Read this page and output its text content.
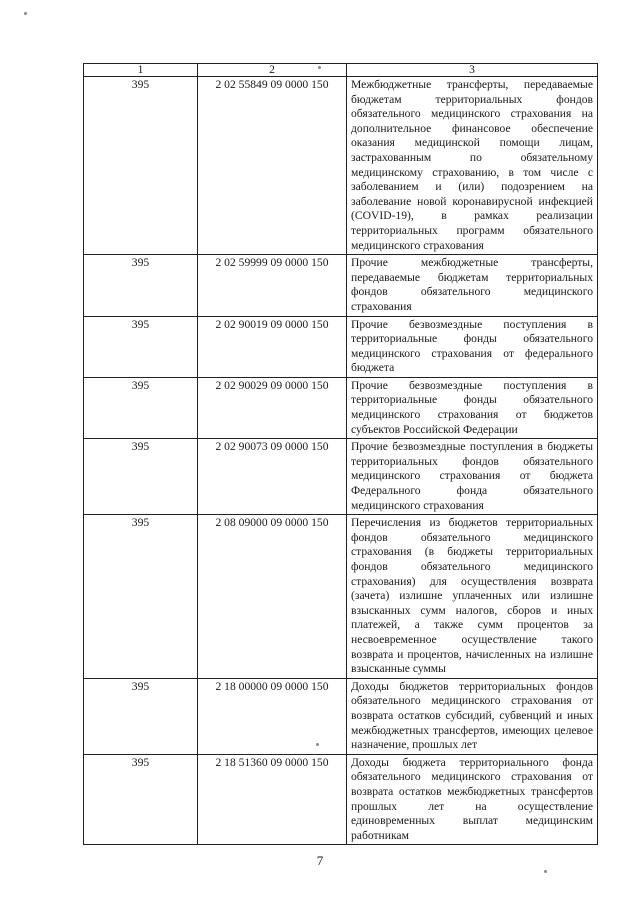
1	2	3
395	2 02 55849 09 0000 150	Межбюджетные трансферты, передаваемые бюджетам территориальных фондов обязательного медицинского страхования на дополнительное финансовое обеспечение оказания медицинской помощи лицам, застрахованным по обязательному медицинскому страхованию, в том числе с заболеванием и (или) подозрением на заболевание новой коронавирусной инфекцией (COVID-19), в рамках реализации территориальных программ обязательного медицинского страхования
395	2 02 59999 09 0000 150	Прочие межбюджетные трансферты, передаваемые бюджетам территориальных фондов обязательного медицинского страхования
395	2 02 90019 09 0000 150	Прочие безвозмездные поступления в территориальные фонды обязательного медицинского страхования от федерального бюджета
395	2 02 90029 09 0000 150	Прочие безвозмездные поступления в территориальные фонды обязательного медицинского страхования от бюджетов субъектов Российской Федерации
395	2 02 90073 09 0000 150	Прочие безвозмездные поступления в бюджеты территориальных фондов обязательного медицинского страхования от бюджета Федерального фонда обязательного медицинского страхования
395	2 08 09000 09 0000 150	Перечисления из бюджетов территориальных фондов обязательного медицинского страхования (в бюджеты территориальных фондов обязательного медицинского страхования) для осуществления возврата (зачета) излишне уплаченных или излишне взысканных сумм налогов, сборов и иных платежей, а также сумм процентов за несвоевременное осуществление такого возврата и процентов, начисленных на излишне взысканные суммы
395	2 18 00000 09 0000 150	Доходы бюджетов территориальных фондов обязательного медицинского страхования от возврата остатков субсидий, субвенций и иных межбюджетных трансфертов, имеющих целевое назначение, прошлых лет
395	2 18 51360 09 0000 150	Доходы бюджета территориального фонда обязательного медицинского страхования от возврата остатков межбюджетных трансфертов прошлых лет на осуществление единовременных выплат медицинским работникам
7
